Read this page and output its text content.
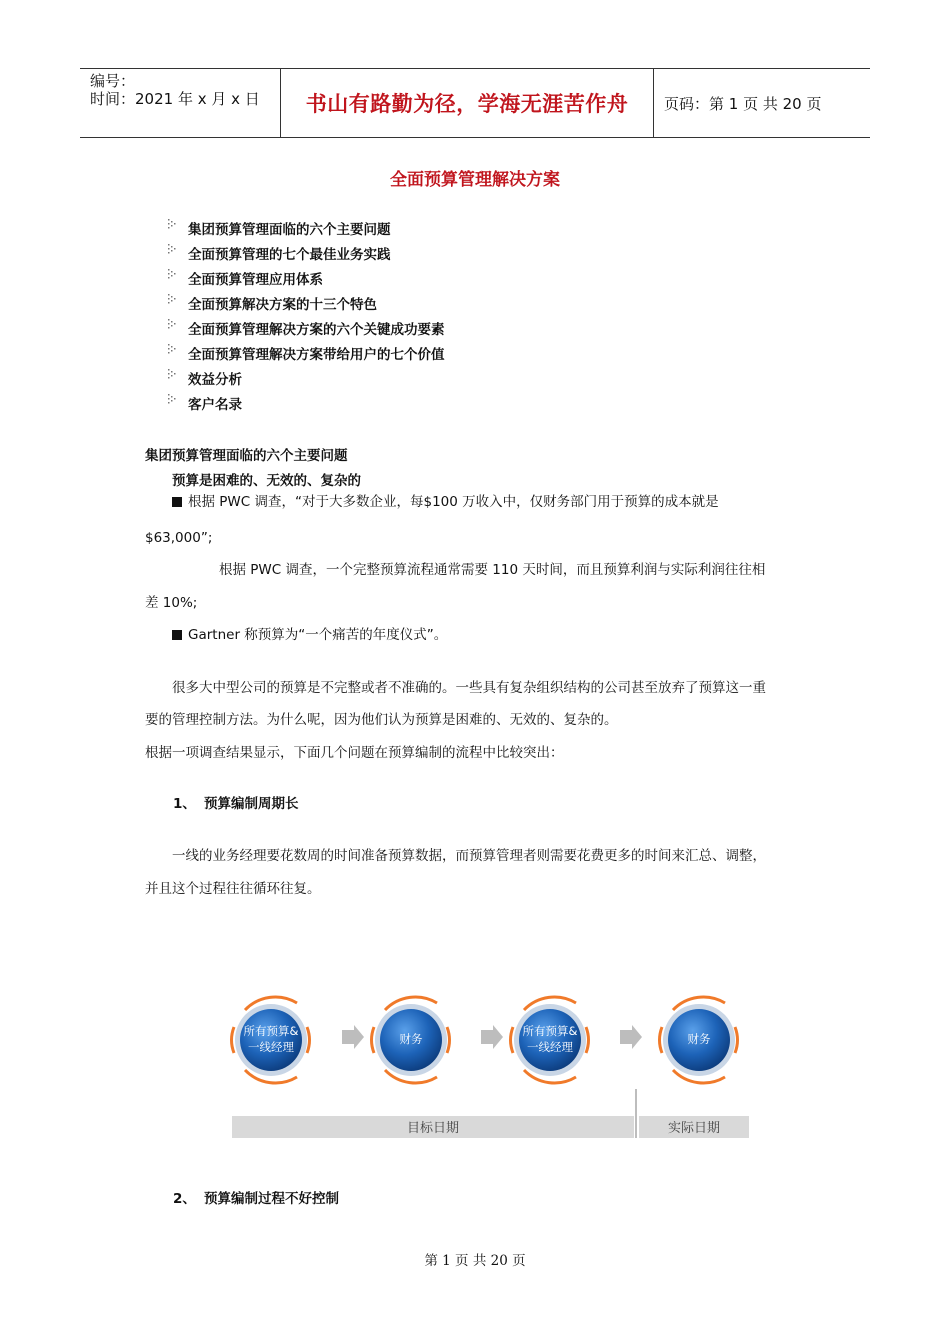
编号：
时间：2021 年 x 月 x 日 书山有路勤为径，学海无涯苦作舟 页码：第 1 页 共 20 页
全面预算管理解决方案
集团预算管理面临的六个主要问题
全面预算管理的七个最佳业务实践
全面预算管理应用体系
全面预算解决方案的十三个特色
全面预算管理解决方案的六个关键成功要素
全面预算管理解决方案带给用户的七个价值
效益分析
客户名录
集团预算管理面临的六个主要问题
预算是困难的、无效的、复杂的
根据 PWC 调查，“对于大多数企业，每$100 万收入中，仅财务部门用于预算的成本就是
$63,000”;
根据 PWC 调查，一个完整预算流程通常需要 110 天时间，而且预算利润与实际利润往往相
差 10%;
Gartner 称预算为“一个痛苦的年度仪式”。
很多大中型公司的预算是不完整或者不准确的。一些具有复杂组织结构的公司甚至放弃了预算这一重
要的管理控制方法。为什么呢，因为他们认为预算是困难的、无效的、复杂的。
根据一项调查结果显示，下面几个问题在预算编制的流程中比较突出：
1、 预算编制周期长
一线的业务经理要花数周的时间准备预算数据，而预算管理者则需要花费更多的时间来汇总、调整，
并且这个过程往往循环往复。
所有预算&
一线经理
财务
所有预算&
一线经理
财务
目标日期	实际日期
2、 预算编制过程不好控制
第 1 页 共 20 页
